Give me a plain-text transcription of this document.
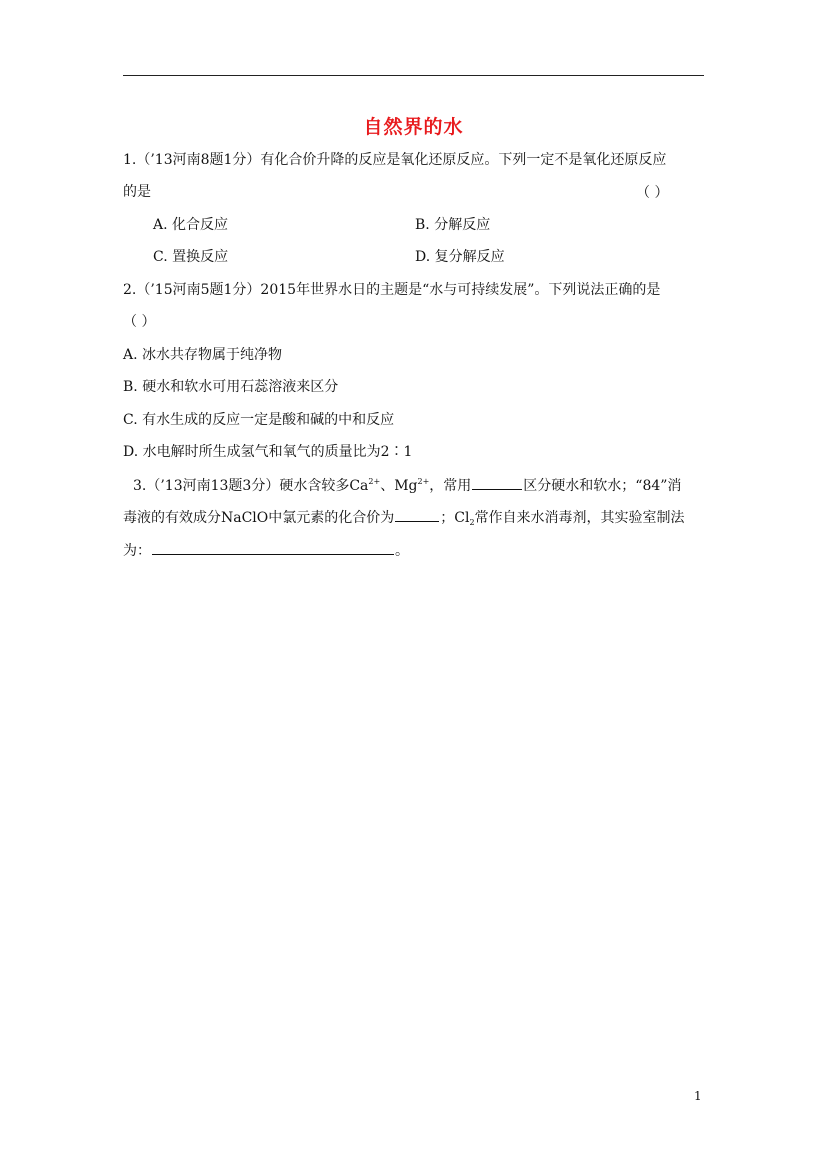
自然界的水
1.（’13河南8题1分）有化合价升降的反应是氧化还原反应。下列一定不是氧化还原反应
的是	（ ）
A. 化合反应	B. 分解反应
C. 置换反应	D. 复分解反应
2.（’15河南5题1分）2015年世界水日的主题是“水与可持续发展”。下列说法正确的是
（ ）
A. 冰水共存物属于纯净物
B. 硬水和软水可用石蕊溶液来区分
C. 有水生成的反应一定是酸和碱的中和反应
D. 水电解时所生成氢气和氧气的质量比为2∶1
3.（’13河南13题3分）硬水含较多$Ca^{2+}$、$Mg^{2+}$，常用	区分硬水和软水；“84”消
毒液的有效成分NaClO中氯元素的化合价为	；$Cl_2$常作自来水消毒剂，其实验室制法
为：	。
1
